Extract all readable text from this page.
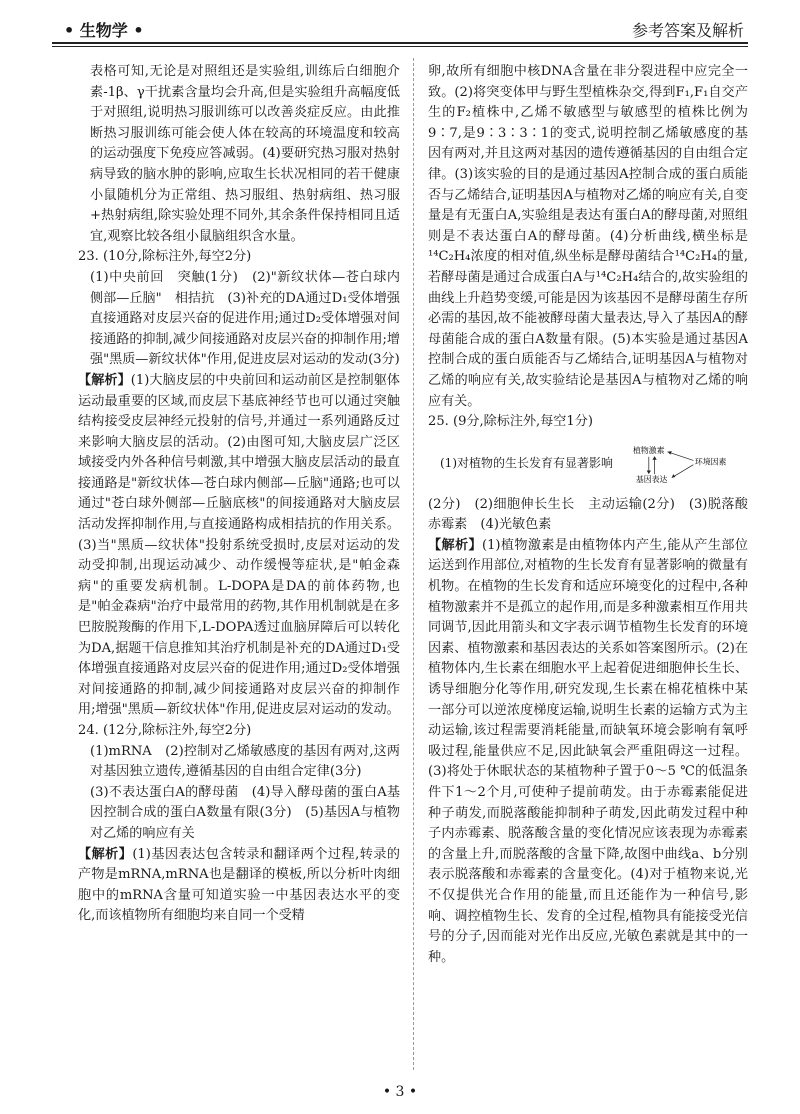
• 生物学 •	参考答案及解析

表格可知,无论是对照组还是实验组,训练后白细胞介素-1β、γ干扰素含量均会升高,但是实验组升高幅度低于对照组,说明热习服训练可以改善炎症反应。由此推断热习服训练可能会使人体在较高的环境温度和较高的运动强度下免疫应答减弱。(4)要研究热习服对热射病导致的脑水肿的影响,应取生长状况相同的若干健康小鼠随机分为正常组、热习服组、热射病组、热习服+热射病组,除实验处理不同外,其余条件保持相同且适宜,观察比较各组小鼠脑组织含水量。

23. (10分,除标注外,每空2分)

(1)中央前回　突触(1分)　(2)"新纹状体—苍白球内侧部—丘脑"　相拮抗　(3)补充的DA通过D₁受体增强直接通路对皮层兴奋的促进作用;通过D₂受体增强对间接通路的抑制,减少间接通路对皮层兴奋的抑制作用;增强"黑质—新纹状体"作用,促进皮层对运动的发动(3分)

【解析】(1)大脑皮层的中央前回和运动前区是控制躯体运动最重要的区域,而皮层下基底神经节也可以通过突触结构接受皮层神经元投射的信号,并通过一系列通路反过来影响大脑皮层的活动。(2)由图可知,大脑皮层广泛区域接受内外各种信号刺激,其中增强大脑皮层活动的最直接通路是"新纹状体—苍白球内侧部—丘脑"通路;也可以通过"苍白球外侧部—丘脑底核"的间接通路对大脑皮层活动发挥抑制作用,与直接通路构成相拮抗的作用关系。(3)当"黑质—纹状体"投射系统受损时,皮层对运动的发动受抑制,出现运动减少、动作缓慢等症状,是"帕金森病"的重要发病机制。L-DOPA是DA的前体药物,也是"帕金森病"治疗中最常用的药物,其作用机制就是在多巴胺脱羧酶的作用下,L-DOPA透过血脑屏障后可以转化为DA,据题干信息推知其治疗机制是补充的DA通过D₁受体增强直接通路对皮层兴奋的促进作用;通过D₂受体增强对间接通路的抑制,减少间接通路对皮层兴奋的抑制作用;增强"黑质—新纹状体"作用,促进皮层对运动的发动。

24. (12分,除标注外,每空2分)

(1)mRNA　(2)控制对乙烯敏感度的基因有两对,这两对基因独立遗传,遵循基因的自由组合定律(3分)

(3)不表达蛋白A的酵母菌　(4)导入酵母菌的蛋白A基因控制合成的蛋白A数量有限(3分)　(5)基因A与植物对乙烯的响应有关

【解析】(1)基因表达包含转录和翻译两个过程,转录的产物是mRNA,mRNA也是翻译的模板,所以分析叶肉细胞中的mRNA含量可知道实验一中基因表达水平的变化,而该植物所有细胞均来自同一个受精

卵,故所有细胞中核DNA含量在非分裂进程中应完全一致。(2)将突变体甲与野生型植株杂交,得到F₁,F₁自交产生的F₂植株中,乙烯不敏感型与敏感型的植株比例为9∶7,是9∶3∶3∶1的变式,说明控制乙烯敏感度的基因有两对,并且这两对基因的遗传遵循基因的自由组合定律。(3)该实验的目的是通过基因A控制合成的蛋白质能否与乙烯结合,证明基因A与植物对乙烯的响应有关,自变量是有无蛋白A,实验组是表达有蛋白A的酵母菌,对照组则是不表达蛋白A的酵母菌。(4)分析曲线,横坐标是¹⁴C₂H₄浓度的相对值,纵坐标是酵母菌结合¹⁴C₂H₄的量,若酵母菌是通过合成蛋白A与¹⁴C₂H₄结合的,故实验组的曲线上升趋势变缓,可能是因为该基因不是酵母菌生存所必需的基因,故不能被酵母菌大量表达,导入了基因A的酵母菌能合成的蛋白A数量有限。(5)本实验是通过基因A控制合成的蛋白质能否与乙烯结合,证明基因A与植物对乙烯的响应有关,故实验结论是基因A与植物对乙烯的响应有关。

25. (9分,除标注外,每空1分)

(1)对植物的生长发育有显著影响
植物激素
环境因素
基因表达

(2分)　(2)细胞伸长生长　主动运输(2分)　(3)脱落酸　赤霉素　(4)光敏色素

【解析】(1)植物激素是由植物体内产生,能从产生部位运送到作用部位,对植物的生长发育有显著影响的微量有机物。在植物的生长发育和适应环境变化的过程中,各种植物激素并不是孤立的起作用,而是多种激素相互作用共同调节,因此用箭头和文字表示调节植物生长发育的环境因素、植物激素和基因表达的关系如答案图所示。(2)在植物体内,生长素在细胞水平上起着促进细胞伸长生长、诱导细胞分化等作用,研究发现,生长素在棉花植株中某一部分可以逆浓度梯度运输,说明生长素的运输方式为主动运输,该过程需要消耗能量,而缺氧环境会影响有氧呼吸过程,能量供应不足,因此缺氧会严重阻碍这一过程。(3)将处于休眠状态的某植物种子置于0～5 ℃的低温条件下1～2个月,可使种子提前萌发。由于赤霉素能促进种子萌发,而脱落酸能抑制种子萌发,因此萌发过程中种子内赤霉素、脱落酸含量的变化情况应该表现为赤霉素的含量上升,而脱落酸的含量下降,故图中曲线a、b分别表示脱落酸和赤霉素的含量变化。(4)对于植物来说,光不仅提供光合作用的能量,而且还能作为一种信号,影响、调控植物生长、发育的全过程,植物具有能接受光信号的分子,因而能对光作出反应,光敏色素就是其中的一种。

• 3 •
